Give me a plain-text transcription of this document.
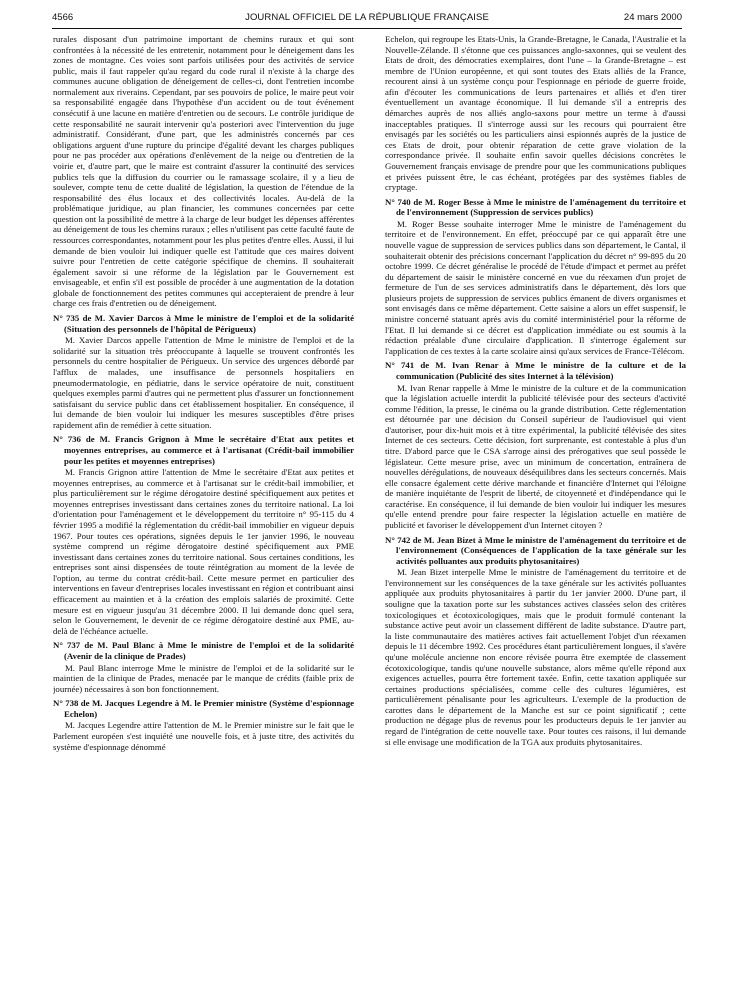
4566	JOURNAL OFFICIEL DE LA RÉPUBLIQUE FRANÇAISE	24 mars 2000

rurales disposant d'un patrimoine important de chemins ruraux et qui sont confrontées à la nécessité de les entretenir, notamment pour le déneigement dans les zones de montagne. Ces voies sont parfois utilisées pour des activités de service public, mais il faut rappeler qu'au regard du code rural il n'existe à la charge des communes aucune obligation de déneigement de celles-ci, dont l'entretien incombe normalement aux riverains. Cependant, par ses pouvoirs de police, le maire peut voir sa responsabilité engagée dans l'hypothèse d'un accident ou de tout événement consécutif à une lacune en matière d'entretien ou de secours. Le contrôle juridique de cette responsabilité ne saurait intervenir qu'a posteriori avec l'intervention du juge administratif. Considérant, d'une part, que les administrés concernés par ces obligations arguent d'une rupture du principe d'égalité devant les charges publiques pour ne pas procéder aux opérations d'enlèvement de la neige ou d'entretien de la voirie et, d'autre part, que le maire est contraint d'assurer la continuité des services publics tels que la diffusion du courrier ou le ramassage scolaire, il y a lieu de soulever, compte tenu de cette dualité de législation, la question de l'étendue de la responsabilité des élus locaux et des collectivités locales. Au-delà de la problématique juridique, au plan financier, les communes concernées par cette question ont la possibilité de mettre à la charge de leur budget les dépenses afférentes au déneigement de tous les chemins ruraux ; elles n'utilisent pas cette faculté faute de ressources correspondantes, notamment pour les plus petites d'entre elles. Aussi, il lui demande de bien vouloir lui indiquer quelle est l'attitude que ces maires doivent suivre pour l'entretien de cette catégorie spécifique de chemins. Il souhaiterait également savoir si une réforme de la législation par le Gouvernement est envisageable, et enfin s'il est possible de procéder à une augmentation de la dotation globale de fonctionnement des petites communes qui accepteraient de prendre à leur charge ces frais d'entretien ou de déneigement.

N° 735 de M. Xavier Darcos à Mme le ministre de l'emploi et de la solidarité (Situation des personnels de l'hôpital de Périgueux)

M. Xavier Darcos appelle l'attention de Mme le ministre de l'emploi et de la solidarité sur la situation très préoccupante à laquelle se trouvent confrontés les personnels du centre hospitalier de Périgueux. Un service des urgences débordé par l'afflux de malades, une insuffisance de personnels hospitaliers en pneumodermatologie, en pédiatrie, dans le service opératoire de nuit, constituent quelques exemples parmi d'autres qui ne permettent plus d'assurer un fonctionnement satisfaisant du service public dans cet établissement hospitalier. En conséquence, il lui demande de bien vouloir lui indiquer les mesures susceptibles d'être prises rapidement afin de remédier à cette situation.

N° 736 de M. Francis Grignon à Mme le secrétaire d'Etat aux petites et moyennes entreprises, au commerce et à l'artisanat (Crédit-bail immobilier pour les petites et moyennes entreprises)

M. Francis Grignon attire l'attention de Mme le secrétaire d'Etat aux petites et moyennes entreprises, au commerce et à l'artisanat sur le crédit-bail immobilier, et plus particulièrement sur le régime dérogatoire destiné spécifiquement aux petites et moyennes entreprises investissant dans certaines zones du territoire national. La loi d'orientation pour l'aménagement et le développement du territoire n° 95-115 du 4 février 1995 a modifié la réglementation du crédit-bail immobilier en vigueur depuis 1967. Pour toutes ces opérations, signées depuis le 1er janvier 1996, le nouveau système comprend un régime dérogatoire destiné spécifiquement aux PME investissant dans certaines zones du territoire national. Sous certaines conditions, les entreprises sont ainsi dispensées de toute réintégration au moment de la levée de l'option, au terme du contrat crédit-bail. Cette mesure permet en particulier des interventions en faveur d'entreprises locales investissant en région et contribuant ainsi efficacement au maintien et à la création des emplois salariés de proximité. Cette mesure est en vigueur jusqu'au 31 décembre 2000. Il lui demande donc quel sera, selon le Gouvernement, le devenir de ce régime dérogatoire destiné aux PME, au-delà de l'échéance actuelle.

N° 737 de M. Paul Blanc à Mme le ministre de l'emploi et de la solidarité (Avenir de la clinique de Prades)

M. Paul Blanc interroge Mme le ministre de l'emploi et de la solidarité sur le maintien de la clinique de Prades, menacée par le manque de crédits (faible prix de journée) nécessaires à son bon fonctionnement.

N° 738 de M. Jacques Legendre à M. le Premier ministre (Système d'espionnage Echelon)

M. Jacques Legendre attire l'attention de M. le Premier ministre sur le fait que le Parlement européen s'est inquiété une nouvelle fois, et à juste titre, des activités du système d'espionnage dénommé

Echelon, qui regroupe les Etats-Unis, la Grande-Bretagne, le Canada, l'Australie et la Nouvelle-Zélande. Il s'étonne que ces puissances anglo-saxonnes, qui se veulent des Etats de droit, des démocraties exemplaires, dont l'une – la Grande-Bretagne – est membre de l'Union européenne, et qui sont toutes des Etats alliés de la France, recourent ainsi à un système conçu pour l'espionnage en période de guerre froide, afin d'écouter les communications de leurs partenaires et alliés et d'en tirer éventuellement un avantage économique. Il lui demande s'il a entrepris des démarches auprès de nos alliés anglo-saxons pour mettre un terme à d'aussi inacceptables pratiques. Il s'interroge aussi sur les recours qui pourraient être envisagés par les sociétés ou les particuliers ainsi espionnés auprès de la justice de ces Etats de droit, pour obtenir réparation de cette grave violation de la correspondance privée. Il souhaite enfin savoir quelles décisions concrètes le Gouvernement français envisage de prendre pour que les communications publiques et privées puissent être, le cas échéant, protégées par des systèmes fiables de cryptage.

N° 740 de M. Roger Besse à Mme le ministre de l'aménagement du territoire et de l'environnement (Suppression de services publics)

M. Roger Besse souhaite interroger Mme le ministre de l'aménagement du territoire et de l'environnement. En effet, préoccupé par ce qui apparaît être une nouvelle vague de suppression de services publics dans son département, le Cantal, il souhaiterait obtenir des précisions concernant l'application du décret n° 99-895 du 20 octobre 1999. Ce décret généralise le procédé de l'étude d'impact et permet au préfet du département de saisir le ministère concerné en vue du réexamen d'un projet de fermeture de l'un de ses services administratifs dans le département, dès lors que plusieurs projets de suppression de services publics émanent de divers organismes et sont envisagés dans ce même département. Cette saisine a alors un effet suspensif, le ministre concerné statuant après avis du comité interministériel pour la réforme de l'Etat. Il lui demande si ce décret est d'application immédiate ou est soumis à la rédaction préalable d'une circulaire d'application. Il s'interroge également sur l'application de ces textes à la carte scolaire ainsi qu'aux services de France-Télécom.

N° 741 de M. Ivan Renar à Mme le ministre de la culture et de la communication (Publicité des sites Internet à la télévision)

M. Ivan Renar rappelle à Mme le ministre de la culture et de la communication que la législation actuelle interdit la publicité télévisée pour des secteurs d'activité comme l'édition, la presse, le cinéma ou la grande distribution. Cette réglementation est détournée par une décision du Conseil supérieur de l'audiovisuel qui vient d'autoriser, pour dix-huit mois et à titre expérimental, la publicité télévisée des sites Internet de ces secteurs. Cette décision, fort surprenante, est contestable à plus d'un titre. D'abord parce que le CSA s'arroge ainsi des prérogatives que seul possède le législateur. Cette mesure prise, avec un minimum de concertation, entraînera de nouvelles dérégulations, de nouveaux déséquilibres dans les secteurs concernés. Mais elle consacre également cette dérive marchande et financière d'Internet qui l'éloigne de manière inquiétante de l'esprit de liberté, de citoyenneté et d'indépendance qui le caractérise. En conséquence, il lui demande de bien vouloir lui indiquer les mesures qu'elle entend prendre pour faire respecter la législation actuelle en matière de publicité et favoriser le développement d'un Internet citoyen ?

N° 742 de M. Jean Bizet à Mme le ministre de l'aménagement du territoire et de l'environnement (Conséquences de l'application de la taxe générale sur les activités polluantes aux produits phytosanitaires)

M. Jean Bizet interpelle Mme le ministre de l'aménagement du territoire et de l'environnement sur les conséquences de la taxe générale sur les activités polluantes appliquée aux produits phytosanitaires à partir du 1er janvier 2000. D'une part, il souligne que la taxation porte sur les substances actives classées selon des critères toxicologiques et écotoxicologiques, mais que le produit formulé contenant la substance active peut avoir un classement différent de ladite substance. D'autre part, la liste communautaire des matières actives fait actuellement l'objet d'un réexamen depuis le 11 décembre 1992. Ces procédures étant particulièrement longues, il s'avère qu'une molécule ancienne non encore révisée pourra être exemptée de classement écotoxicologique, tandis qu'une nouvelle substance, alors même qu'elle répond aux exigences actuelles, pourra être fortement taxée. Enfin, cette taxation appliquée sur certaines productions spécialisées, comme celle des cultures légumières, est particulièrement pénalisante pour les agriculteurs. L'exemple de la production de carottes dans le département de la Manche est sur ce point significatif ; cette production ne dégage plus de revenus pour les producteurs depuis le 1er janvier au regard de l'intégration de cette nouvelle taxe. Pour toutes ces raisons, il lui demande si elle envisage une modification de la TGA aux produits phytosanitaires.
